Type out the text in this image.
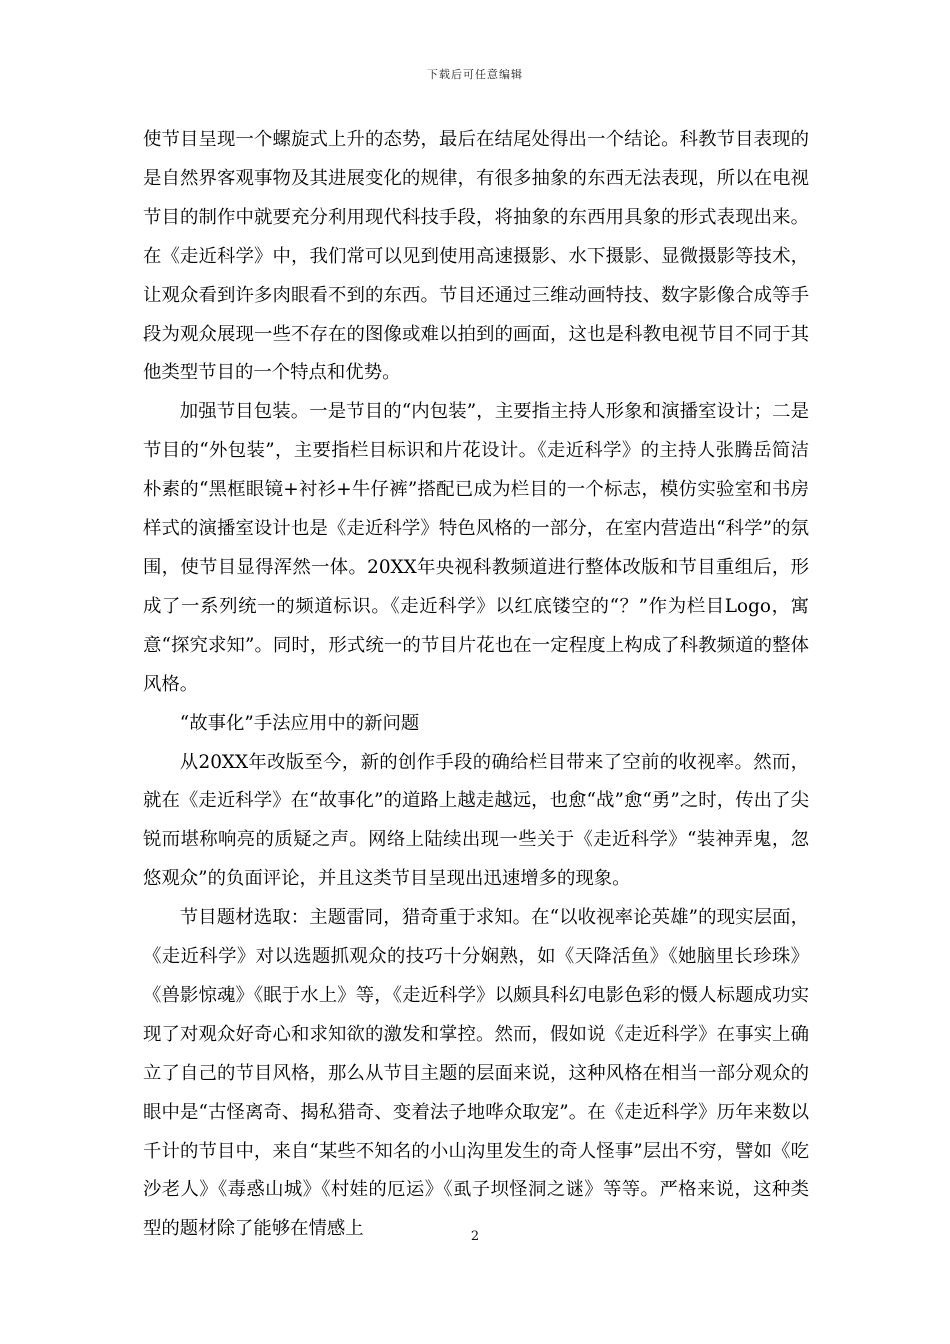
下载后可任意编辑

使节目呈现一个螺旋式上升的态势，最后在结尾处得出一个结论。科教节目表现的是自然界客观事物及其进展变化的规律，有很多抽象的东西无法表现，所以在电视节目的制作中就要充分利用现代科技手段，将抽象的东西用具象的形式表现出来。在《走近科学》中，我们常可以见到使用高速摄影、水下摄影、显微摄影等技术，让观众看到许多肉眼看不到的东西。节目还通过三维动画特技、数字影像合成等手段为观众展现一些不存在的图像或难以拍到的画面，这也是科教电视节目不同于其他类型节目的一个特点和优势。

加强节目包装。一是节目的“内包装”，主要指主持人形象和演播室设计；二是节目的“外包装”，主要指栏目标识和片花设计。《走近科学》的主持人张腾岳简洁朴素的“黑框眼镜+衬衫+牛仔裤”搭配已成为栏目的一个标志，模仿实验室和书房样式的演播室设计也是《走近科学》特色风格的一部分，在室内营造出“科学”的氛围，使节目显得浑然一体。20XX年央视科教频道进行整体改版和节目重组后，形成了一系列统一的频道标识。《走近科学》以红底镂空的“？”作为栏目Logo，寓意“探究求知”。同时，形式统一的节目片花也在一定程度上构成了科教频道的整体风格。

“故事化”手法应用中的新问题

从20XX年改版至今，新的创作手段的确给栏目带来了空前的收视率。然而，就在《走近科学》在“故事化”的道路上越走越远，也愈“战”愈“勇”之时，传出了尖锐而堪称响亮的质疑之声。网络上陆续出现一些关于《走近科学》“装神弄鬼，忽悠观众”的负面评论，并且这类节目呈现出迅速增多的现象。

节目题材选取：主题雷同，猎奇重于求知。在“以收视率论英雄”的现实层面，《走近科学》对以选题抓观众的技巧十分娴熟，如《天降活鱼》《她脑里长珍珠》《兽影惊魂》《眠于水上》等，《走近科学》以颇具科幻电影色彩的慑人标题成功实现了对观众好奇心和求知欲的激发和掌控。然而，假如说《走近科学》在事实上确立了自己的节目风格，那么从节目主题的层面来说，这种风格在相当一部分观众的眼中是“古怪离奇、揭私猎奇、变着法子地哗众取宠”。在《走近科学》历年来数以千计的节目中，来自“某些不知名的小山沟里发生的奇人怪事”层出不穷，譬如《吃沙老人》《毒惑山城》《村娃的厄运》《虱子坝怪洞之谜》等等。严格来说，这种类型的题材除了能够在情感上	2
